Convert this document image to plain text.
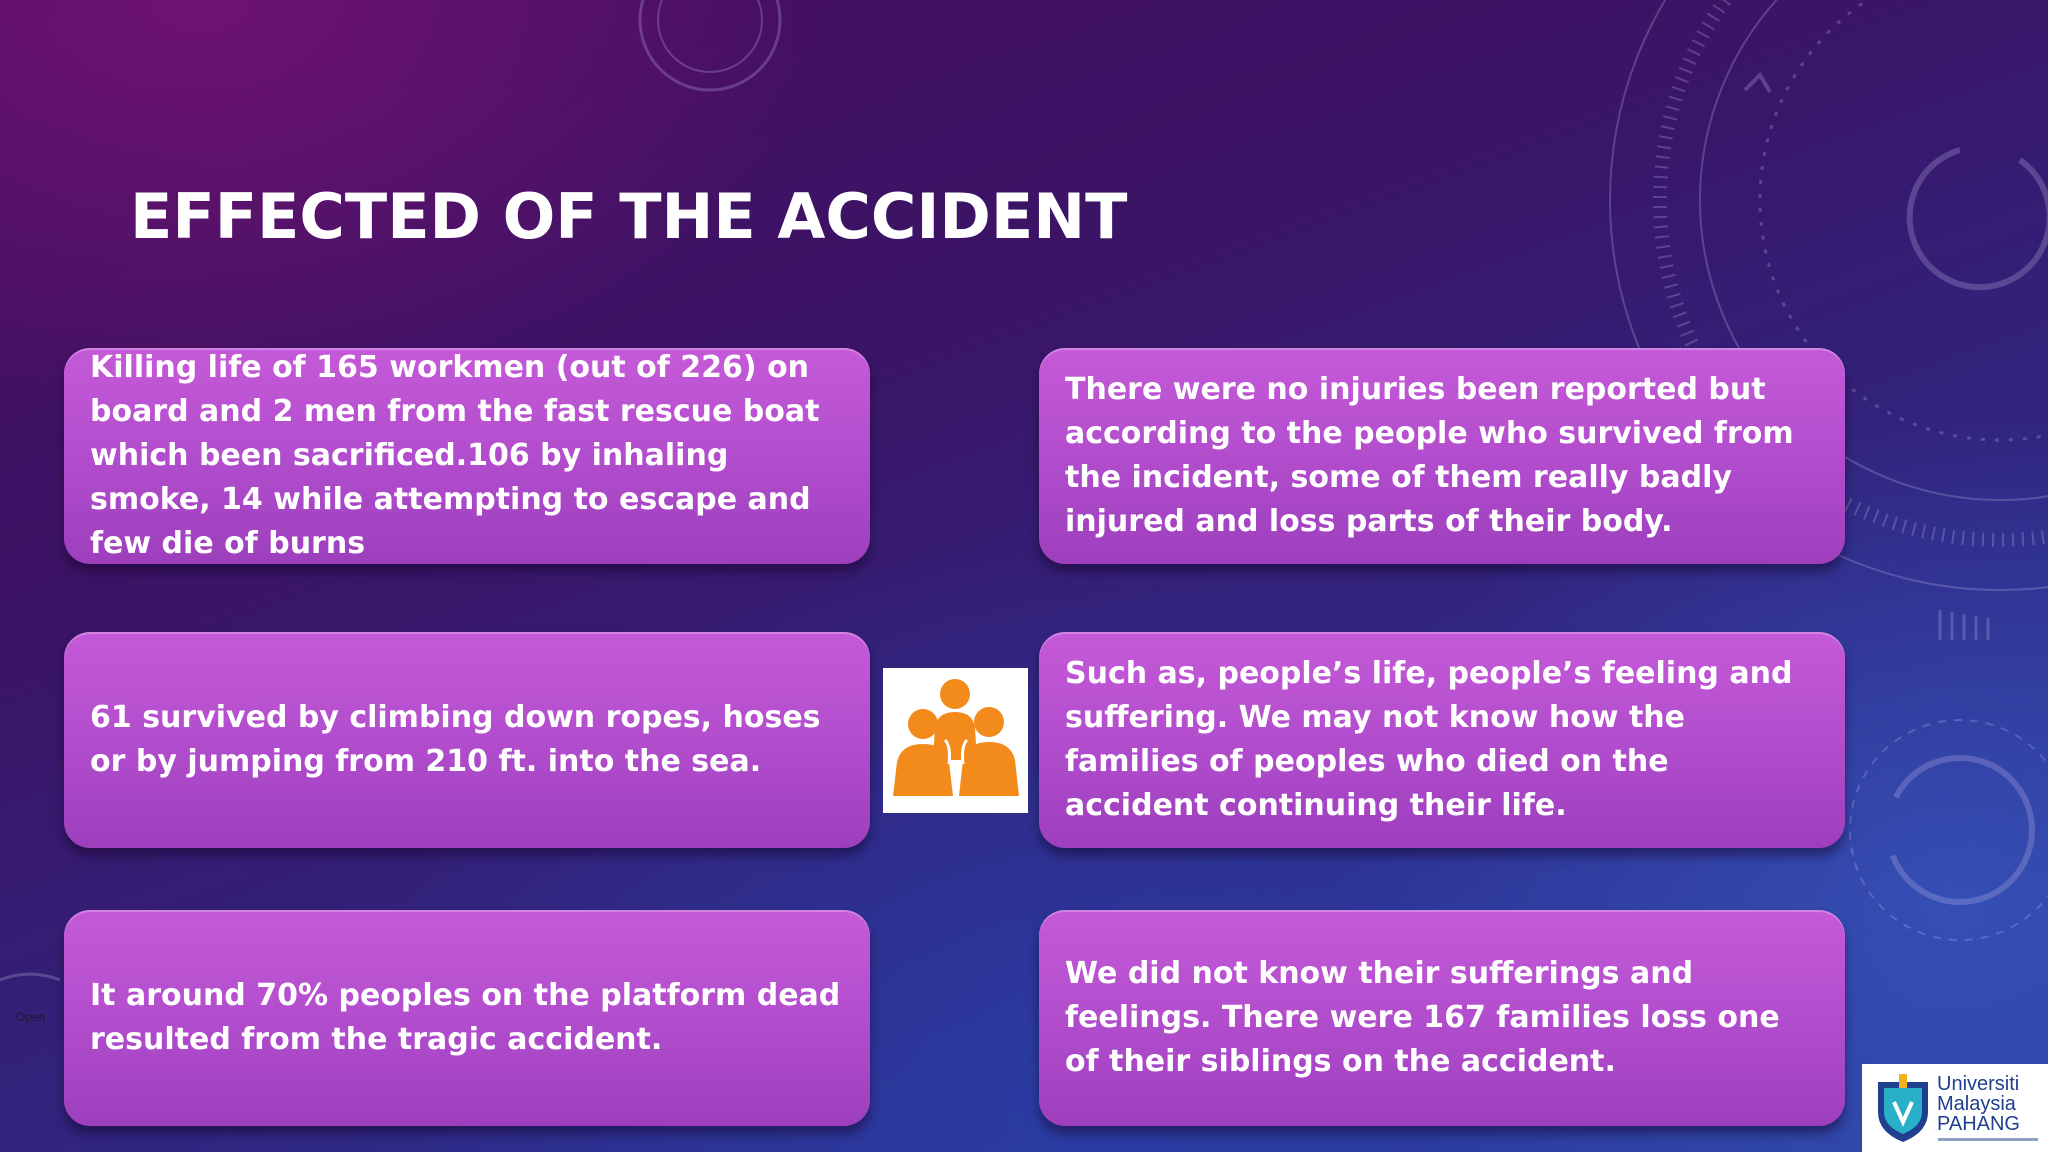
EFFECTED OF THE ACCIDENT

Killing life of 165 workmen (out of 226) on board and 2 men from the fast rescue boat which been sacrificed.106 by inhaling smoke, 14 while attempting to escape and few die of burns

There were no injuries been reported but according to the people who survived from the incident, some of them really badly injured and loss parts of their body.

61 survived by climbing down ropes, hoses or by jumping from 210 ft. into the sea.

Such as, people’s life, people’s feeling and suffering. We may not know how the families of peoples who died on the accident continuing their life.

It around 70% peoples on the platform dead resulted from the tragic accident.

We did not know their sufferings and feelings. There were 167 families loss one of their siblings on the accident.

Open
Universiti
Malaysia
PAHANG
